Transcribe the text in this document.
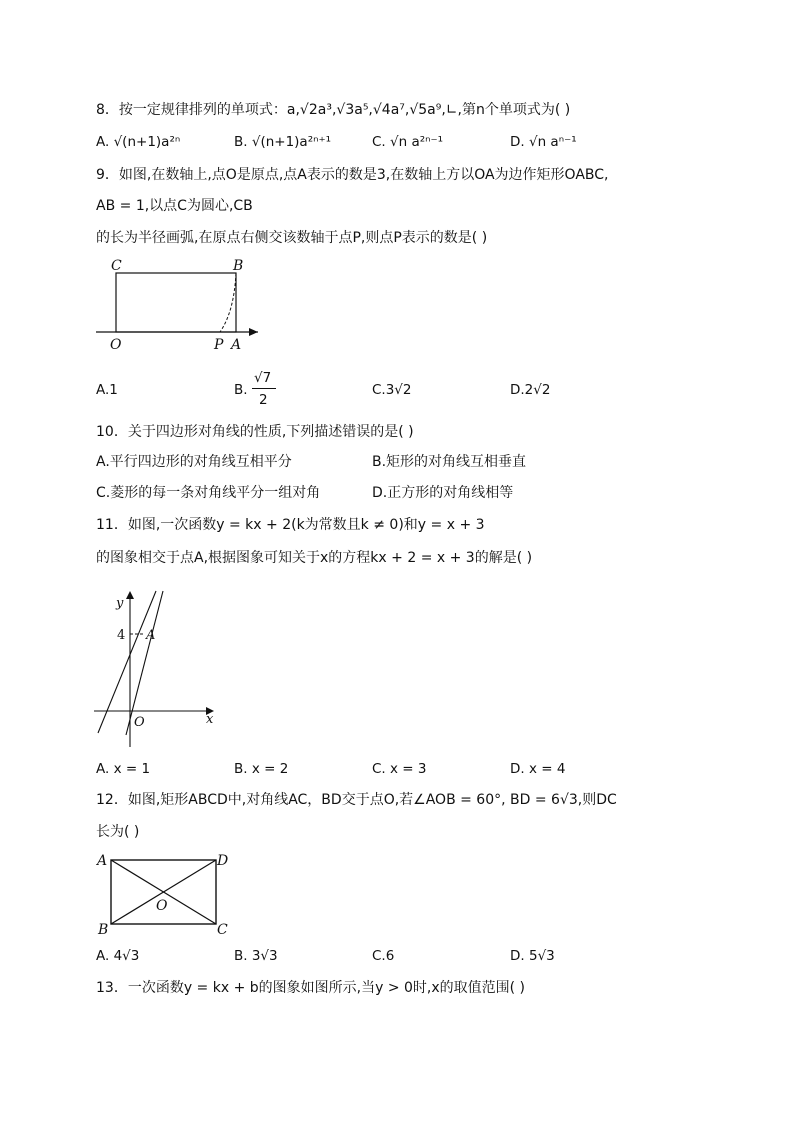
8．按一定规律排列的单项式：a,√2a³,√3a⁵,√4a⁷,√5a⁹,∟,第n个单项式为( )
A. √(n+1)a²ⁿ	B. √(n+1)a²ⁿ⁺¹	C. √n a²ⁿ⁻¹	D. √n aⁿ⁻¹
9．如图,在数轴上,点O是原点,点A表示的数是3,在数轴上方以OA为边作矩形OABC,
AB = 1,以点C为圆心,CB
的长为半径画弧,在原点右侧交该数轴于点P,则点P表示的数是( )
C	B
O	P A
A.1	B.
√7
2
C.3√2	D.2√2
10．关于四边形对角线的性质,下列描述错误的是( )
A.平行四边形的对角线互相平分	B.矩形的对角线互相垂直
C.菱形的每一条对角线平分一组对角	D.正方形的对角线相等
11．如图,一次函数y = kx + 2(k为常数且k ≠ 0)和y = x + 3
的图象相交于点A,根据图象可知关于x的方程kx + 2 = x + 3的解是( )
y
x
4 A
O
A. x = 1	B. x = 2	C. x = 3	D. x = 4
12．如图,矩形ABCD中,对角线AC，BD交于点O,若∠AOB = 60°, BD = 6√3,则DC
长为( )
A	D
B	C
O
A. 4√3	B. 3√3	C.6	D. 5√3
13．一次函数y = kx + b的图象如图所示,当y > 0时,x的取值范围( )
